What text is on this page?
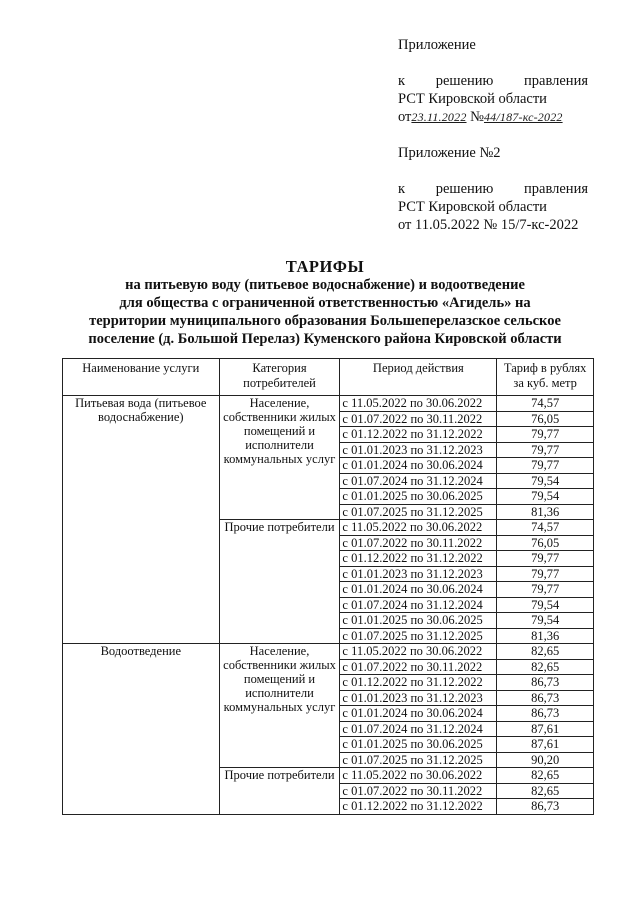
Приложение
к решению правления
РСТ Кировской области
от23.11.2022 №44/187-кс-2022
Приложение №2
к решению правления
РСТ Кировской области
от 11.05.2022 № 15/7-кс-2022
ТАРИФЫ
на питьевую воду (питьевое водоснабжение) и водоотведение
для общества с ограниченной ответственностью «Агидель» на
территории муниципального образования Большеперелазское сельское
поселение (д. Большой Перелаз) Куменского района Кировской области
Наименование услуги	Категория потребителей	Период действия	Тариф в рублях за куб. метр
Питьевая вода (питьевое водоснабжение)	Население, собственники жилых помещений и исполнители коммунальных услуг	с 11.05.2022 по 30.06.2022	74,57
		с 01.07.2022 по 30.11.2022	76,05
		с 01.12.2022 по 31.12.2022	79,77
		с 01.01.2023 по 31.12.2023	79,77
		с 01.01.2024 по 30.06.2024	79,77
		с 01.07.2024 по 31.12.2024	79,54
		с 01.01.2025 по 30.06.2025	79,54
		с 01.07.2025 по 31.12.2025	81,36
	Прочие потребители	с 11.05.2022 по 30.06.2022	74,57
		с 01.07.2022 по 30.11.2022	76,05
		с 01.12.2022 по 31.12.2022	79,77
		с 01.01.2023 по 31.12.2023	79,77
		с 01.01.2024 по 30.06.2024	79,77
		с 01.07.2024 по 31.12.2024	79,54
		с 01.01.2025 по 30.06.2025	79,54
		с 01.07.2025 по 31.12.2025	81,36
Водоотведение	Население, собственники жилых помещений и исполнители коммунальных услуг	с 11.05.2022 по 30.06.2022	82,65
		с 01.07.2022 по 30.11.2022	82,65
		с 01.12.2022 по 31.12.2022	86,73
		с 01.01.2023 по 31.12.2023	86,73
		с 01.01.2024 по 30.06.2024	86,73
		с 01.07.2024 по 31.12.2024	87,61
		с 01.01.2025 по 30.06.2025	87,61
		с 01.07.2025 по 31.12.2025	90,20
	Прочие потребители	с 11.05.2022 по 30.06.2022	82,65
		с 01.07.2022 по 30.11.2022	82,65
		с 01.12.2022 по 31.12.2022	86,73
